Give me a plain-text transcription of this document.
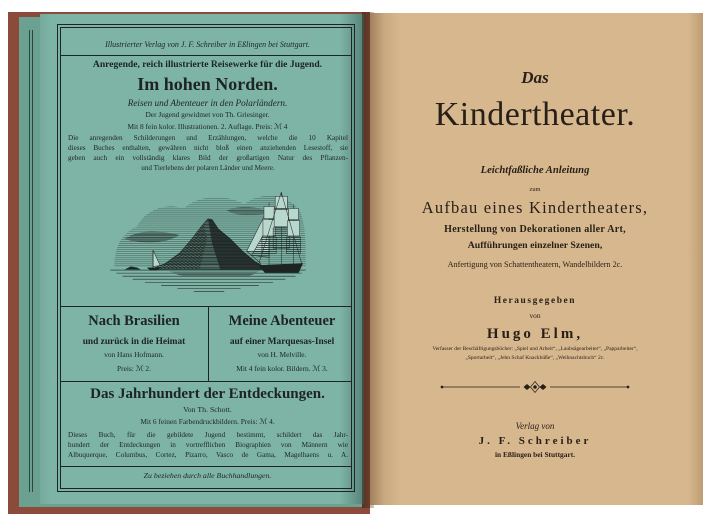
Illustrierter Verlag von J. F. Schreiber in Eßlingen bei Stuttgart.
Anregende, reich illustrierte Reisewerke für die Jugend.
Im hohen Norden.
Reisen und Abenteuer in den Polarländern.
Der Jugend gewidmet von Th. Griesinger.
Mit 8 fein kolor. Illustrationen. 2. Auflage. Preis: ℳ 4
Die anregenden Schilderungen und Erzählungen, welche die 10 Kapitel
dieses Buches enthalten, gewähren nicht bloß einen anziehenden Lesestoff, sie
geben auch ein vollständig klares Bild der großartigen Natur des Pflanzen-
und Tierlebens der polaren Länder und Meere.
Nach Brasilien
und zurück in die Heimat
von Hans Hofmann.
Preis: ℳ 2.
Meine Abenteuer
auf einer Marquesas-Insel
von H. Melville.
Mit 4 fein kolor. Bildern. ℳ 3.
Das Jahrhundert der Entdeckungen.
Von Th. Schott.
Mit 6 feinen Farbendruckbildern. Preis: ℳ 4.
Dieses Buch, für die gebildete Jugend bestimmt, schildert das Jahr-
hundert der Entdeckungen in vortrefflichen Biographien von Männern wie
Albuquerque, Columbus, Cortez, Pizarro, Vasco de Gama, Magelhaens u. A.
Zu beziehen durch alle Buchhandlungen.
Das
Kindertheater.
Leichtfaßliche Anleitung
zum
Aufbau eines Kindertheaters,
Herstellung von Dekorationen aller Art,
Aufführungen einzelner Szenen,
Anfertigung von Schattentheatern, Wandelbildern 2c.
Herausgegeben
von
Hugo Elm,
Verfasser der Beschäftigungsbücher: „Spiel und Arbeit“, „Laubsägearbeiter“, „Papparbeiter“,
„Sportarbeit“, „Jehn Schaf Knackbüße“, „Weihnachtsbuch“ 2c.
Verlag von
J. F. Schreiber
in Eßlingen bei Stuttgart.
